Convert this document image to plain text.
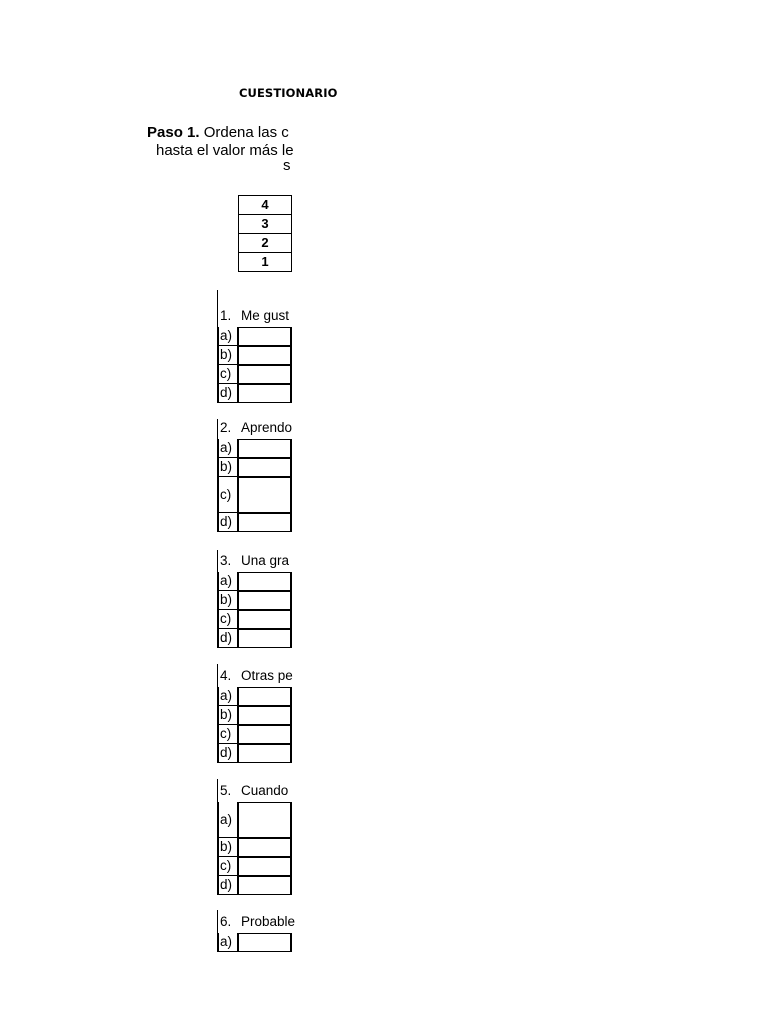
CUESTIONARIO
Paso 1. Ordena las c
hasta el valor más le
s
4
3
2
1
1. Me gust
a)
b)
c)
d)
2. Aprendo
a)
b)
c)
d)
3. Una gra
a)
b)
c)
d)
4. Otras pe
a)
b)
c)
d)
5. Cuando
a)
b)
c)
d)
6. Probable
a)
